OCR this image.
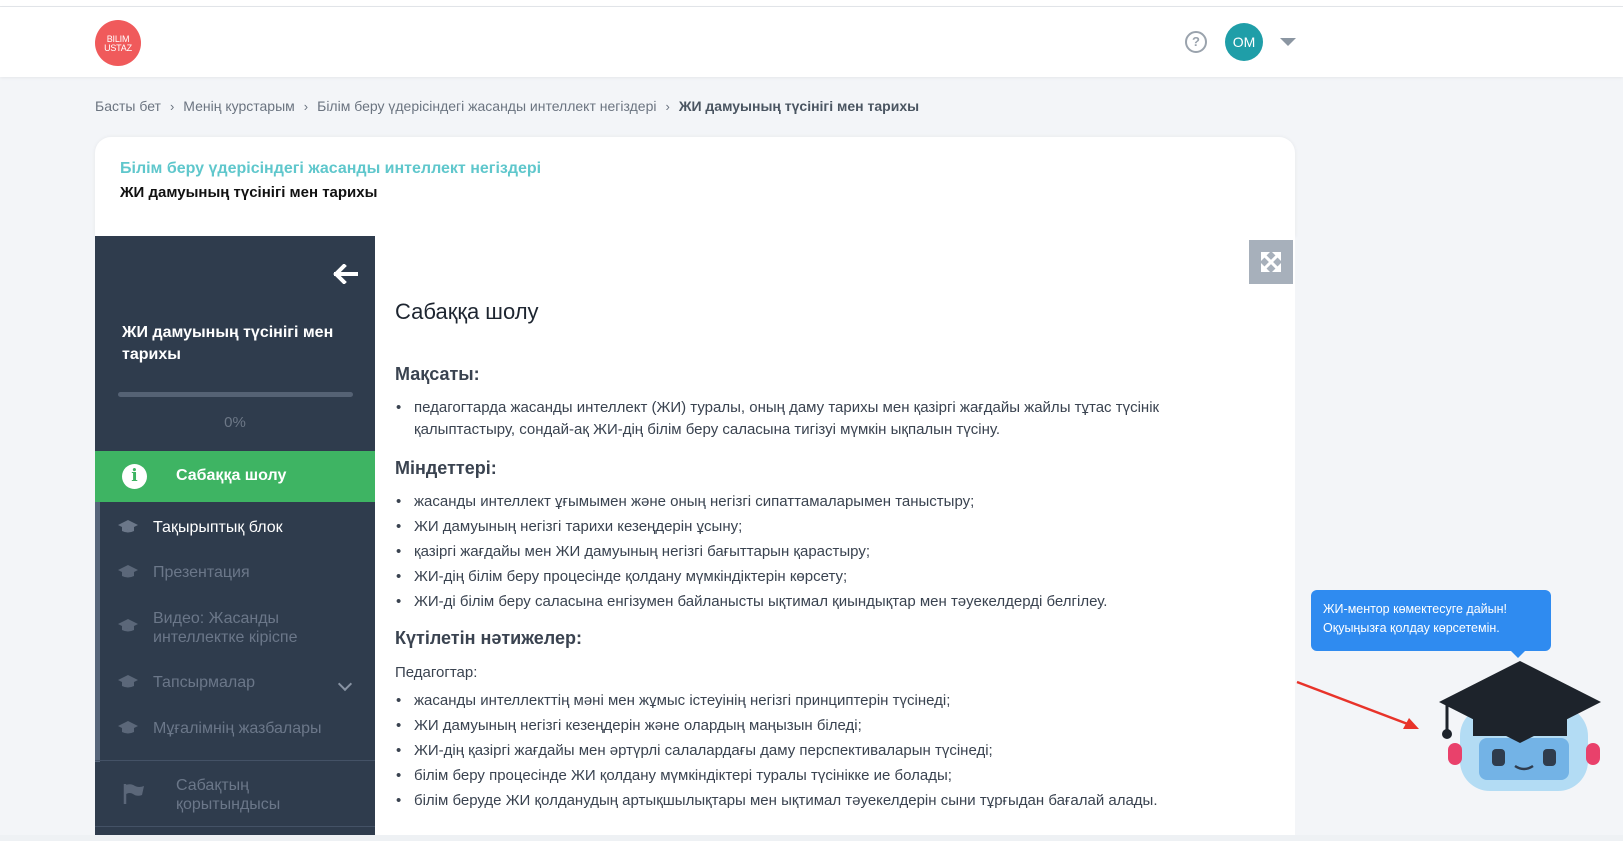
BILIM
USTAZ	?	ОМ
Басты бет › Менің курстарым › Білім беру үдерісіндегі жасанды интеллект негіздері › ЖИ дамуының түсінігі мен тарихы
Білім беру үдерісіндегі жасанды интеллект негіздері
ЖИ дамуының түсінігі мен тарихы
ЖИ дамуының түсінігі мен тарихы
0%
i	Сабаққа шолу
Тақырыптық блок
Презентация
Видео: Жасанды интеллектке кіріспе
Тапсырмалар
Мұғалімнің жазбалары
Сабақтың қорытындысы
Сабаққа шолу
Мақсаты:
• педагогтарда жасанды интеллект (ЖИ) туралы, оның даму тарихы мен қазіргі жағдайы жайлы тұтас түсінік қалыптастыру, сондай-ақ ЖИ-дің білім беру саласына тигізуі мүмкін ықпалын түсіну.
Міндеттері:
• жасанды интеллект ұғымымен және оның негізгі сипаттамаларымен таныстыру;
• ЖИ дамуының негізгі тарихи кезеңдерін ұсыну;
• қазіргі жағдайы мен ЖИ дамуының негізгі бағыттарын қарастыру;
• ЖИ-дің білім беру процесінде қолдану мүмкіндіктерін көрсету;
• ЖИ-ді білім беру саласына енгізумен байланысты ықтимал қиындықтар мен тәуекелдерді белгілеу.
Күтілетін нәтижелер:

Педагогтар:

• жасанды интеллекттің мәні мен жұмыс істеуінің негізгі принциптерін түсінеді;
• ЖИ дамуының негізгі кезеңдерін және олардың маңызын біледі;
• ЖИ-дің қазіргі жағдайы мен әртүрлі салалардағы даму перспективаларын түсінеді;
• білім беру процесінде ЖИ қолдану мүмкіндіктері туралы түсінікке ие болады;
• білім беруде ЖИ қолданудың артықшылықтары мен ықтимал тәуекелдерін сыни тұрғыдан бағалай алады.
ЖИ-ментор көмектесуге дайын!
Оқуыңызға қолдау көрсетемін.
